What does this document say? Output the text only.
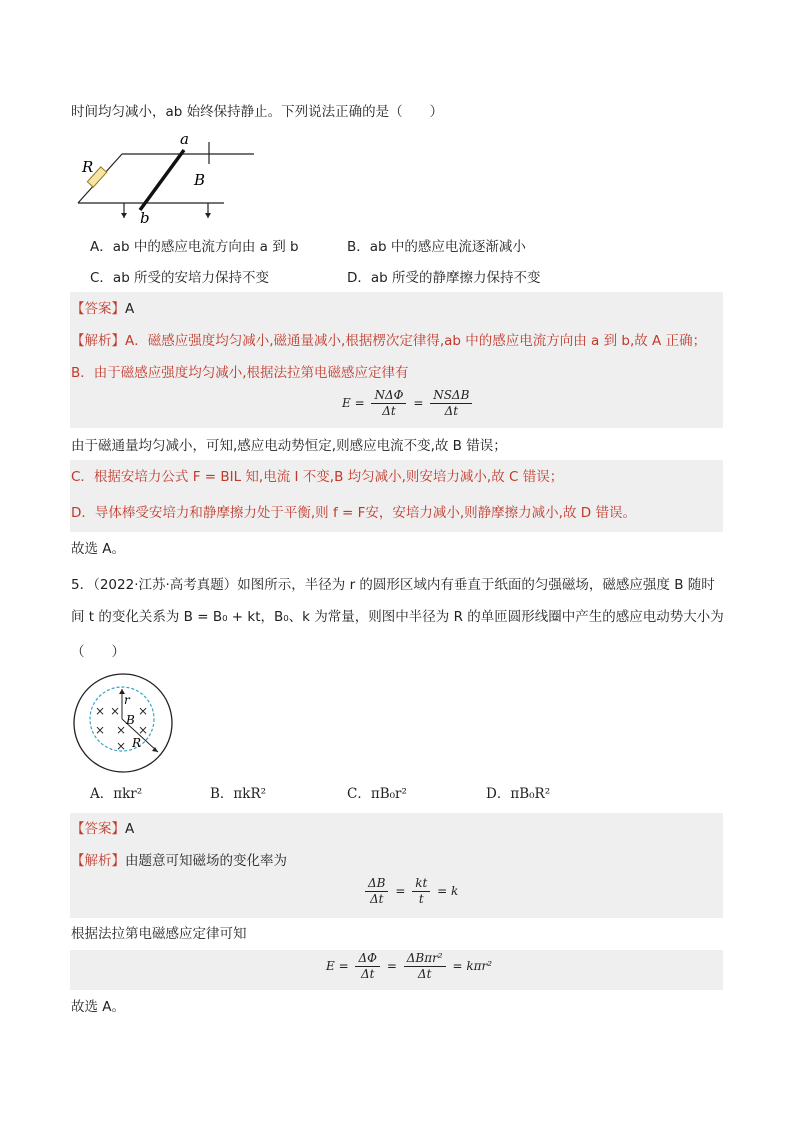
时间均匀减小，ab 始终保持静止。下列说法正确的是（　　）
a
b
R
B
A．ab 中的感应电流方向由 a 到 b	B．ab 中的感应电流逐渐减小
C．ab 所受的安培力保持不变	D．ab 所受的静摩擦力保持不变
【答案】A
【解析】A．磁感应强度均匀减小,磁通量减小,根据楞次定律得,ab 中的感应电流方向由 a 到 b,故 A 正确；
B．由于磁感应强度均匀减小,根据法拉第电磁感应定律有
$E = \frac{\text{NΔΦ}}{\Delta t} = \frac{\text{NSΔB}}{\Delta t}$
由于磁通量均匀减小，可知,感应电动势恒定,则感应电流不变,故 B 错误；
C．根据安培力公式 F = BIL 知,电流 I 不变,B 均匀减小,则安培力减小,故 C 错误；
D．导体棒受安培力和静摩擦力处于平衡,则 f = F安，安培力减小,则静摩擦力减小,故 D 错误。
故选 A。
5．（2022·江苏·高考真题）如图所示，半径为 r 的圆形区域内有垂直于纸面的匀强磁场，磁感应强度 B 随时
间 t 的变化关系为 B = B₀ + kt，B₀、k 为常量，则图中半径为 R 的单匝圆形线圈中产生的感应电动势大小为
（　　）
× × ×
× × ×
×
r
B
R
A．πkr²	B．πkR²	C．πB₀r²	D．πB₀R²
【答案】A
【解析】由题意可知磁场的变化率为
$\frac{\Delta B}{\Delta t} = \frac{kt}{t} = k$
根据法拉第电磁感应定律可知
$E = \frac{\Delta\Phi}{\Delta t} = \frac{\text{ΔBπr²}}{\Delta t} = k\pi r^2$
故选 A。
